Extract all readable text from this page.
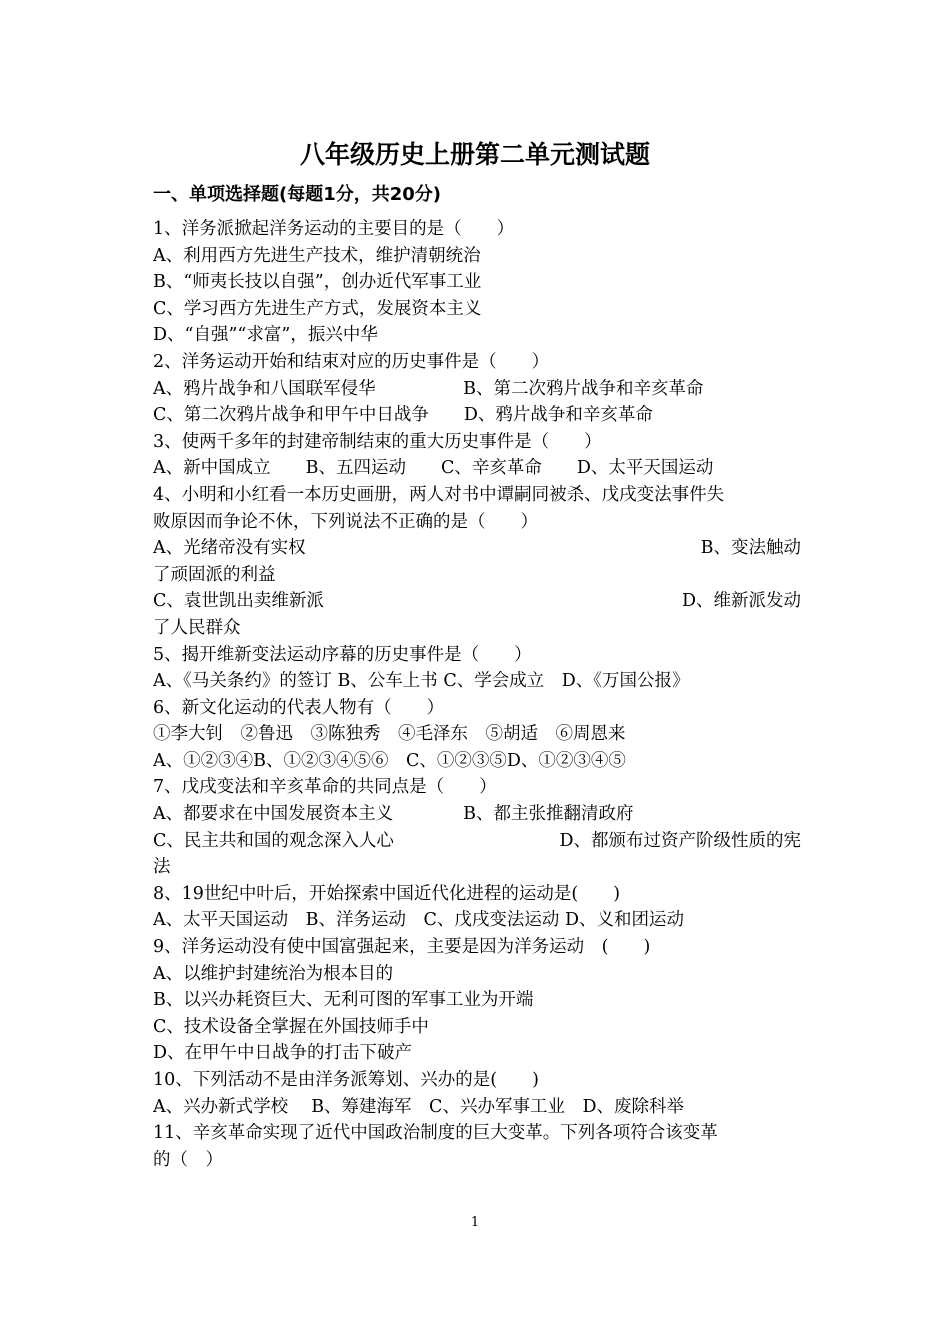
八年级历史上册第二单元测试题
一、单项选择题(每题1分，共20分)
1、洋务派掀起洋务运动的主要目的是（　　）
A、利用西方先进生产技术，维护清朝统治
B、“师夷长技以自强”，创办近代军事工业
C、学习西方先进生产方式，发展资本主义
D、“自强”“求富”，振兴中华
2、洋务运动开始和结束对应的历史事件是（　　）
A、鸦片战争和八国联军侵华　　　　　B、第二次鸦片战争和辛亥革命
C、第二次鸦片战争和甲午中日战争　　D、鸦片战争和辛亥革命
3、使两千多年的封建帝制结束的重大历史事件是（　　）
A、新中国成立　　B、五四运动　　C、辛亥革命　　D、太平天国运动
4、小明和小红看一本历史画册，两人对书中谭嗣同被杀、戊戌变法事件失
败原因而争论不休，下列说法不正确的是（　　）
A、光绪帝没有实权	B、变法触动
了顽固派的利益
C、袁世凯出卖维新派	D、维新派发动
了人民群众
5、揭开维新变法运动序幕的历史事件是（　　）
A、《马关条约》的签订 B、公车上书 C、学会成立　D、《万国公报》
6、新文化运动的代表人物有（　　）
①李大钊　②鲁迅　③陈独秀　④毛泽东　⑤胡适　⑥周恩来
A、①②③④B、①②③④⑤⑥　C、①②③⑤D、①②③④⑤
7、戊戌变法和辛亥革命的共同点是（　　）
A、都要求在中国发展资本主义　　　　B、都主张推翻清政府
C、民主共和国的观念深入人心	D、都颁布过资产阶级性质的宪
法
8、19世纪中叶后，开始探索中国近代化进程的运动是(　　)
A、太平天国运动　B、洋务运动　C、戊戌变法运动 D、义和团运动
9、洋务运动没有使中国富强起来，主要是因为洋务运动　(　　)
A、以维护封建统治为根本目的
B、以兴办耗资巨大、无利可图的军事工业为开端
C、技术设备全掌握在外国技师手中
D、在甲午中日战争的打击下破产
10、下列活动不是由洋务派筹划、兴办的是(　　)
A、兴办新式学校　 B、筹建海军　C、兴办军事工业　D、废除科举
11、辛亥革命实现了近代中国政治制度的巨大变革。下列各项符合该变革
的（　）
1
